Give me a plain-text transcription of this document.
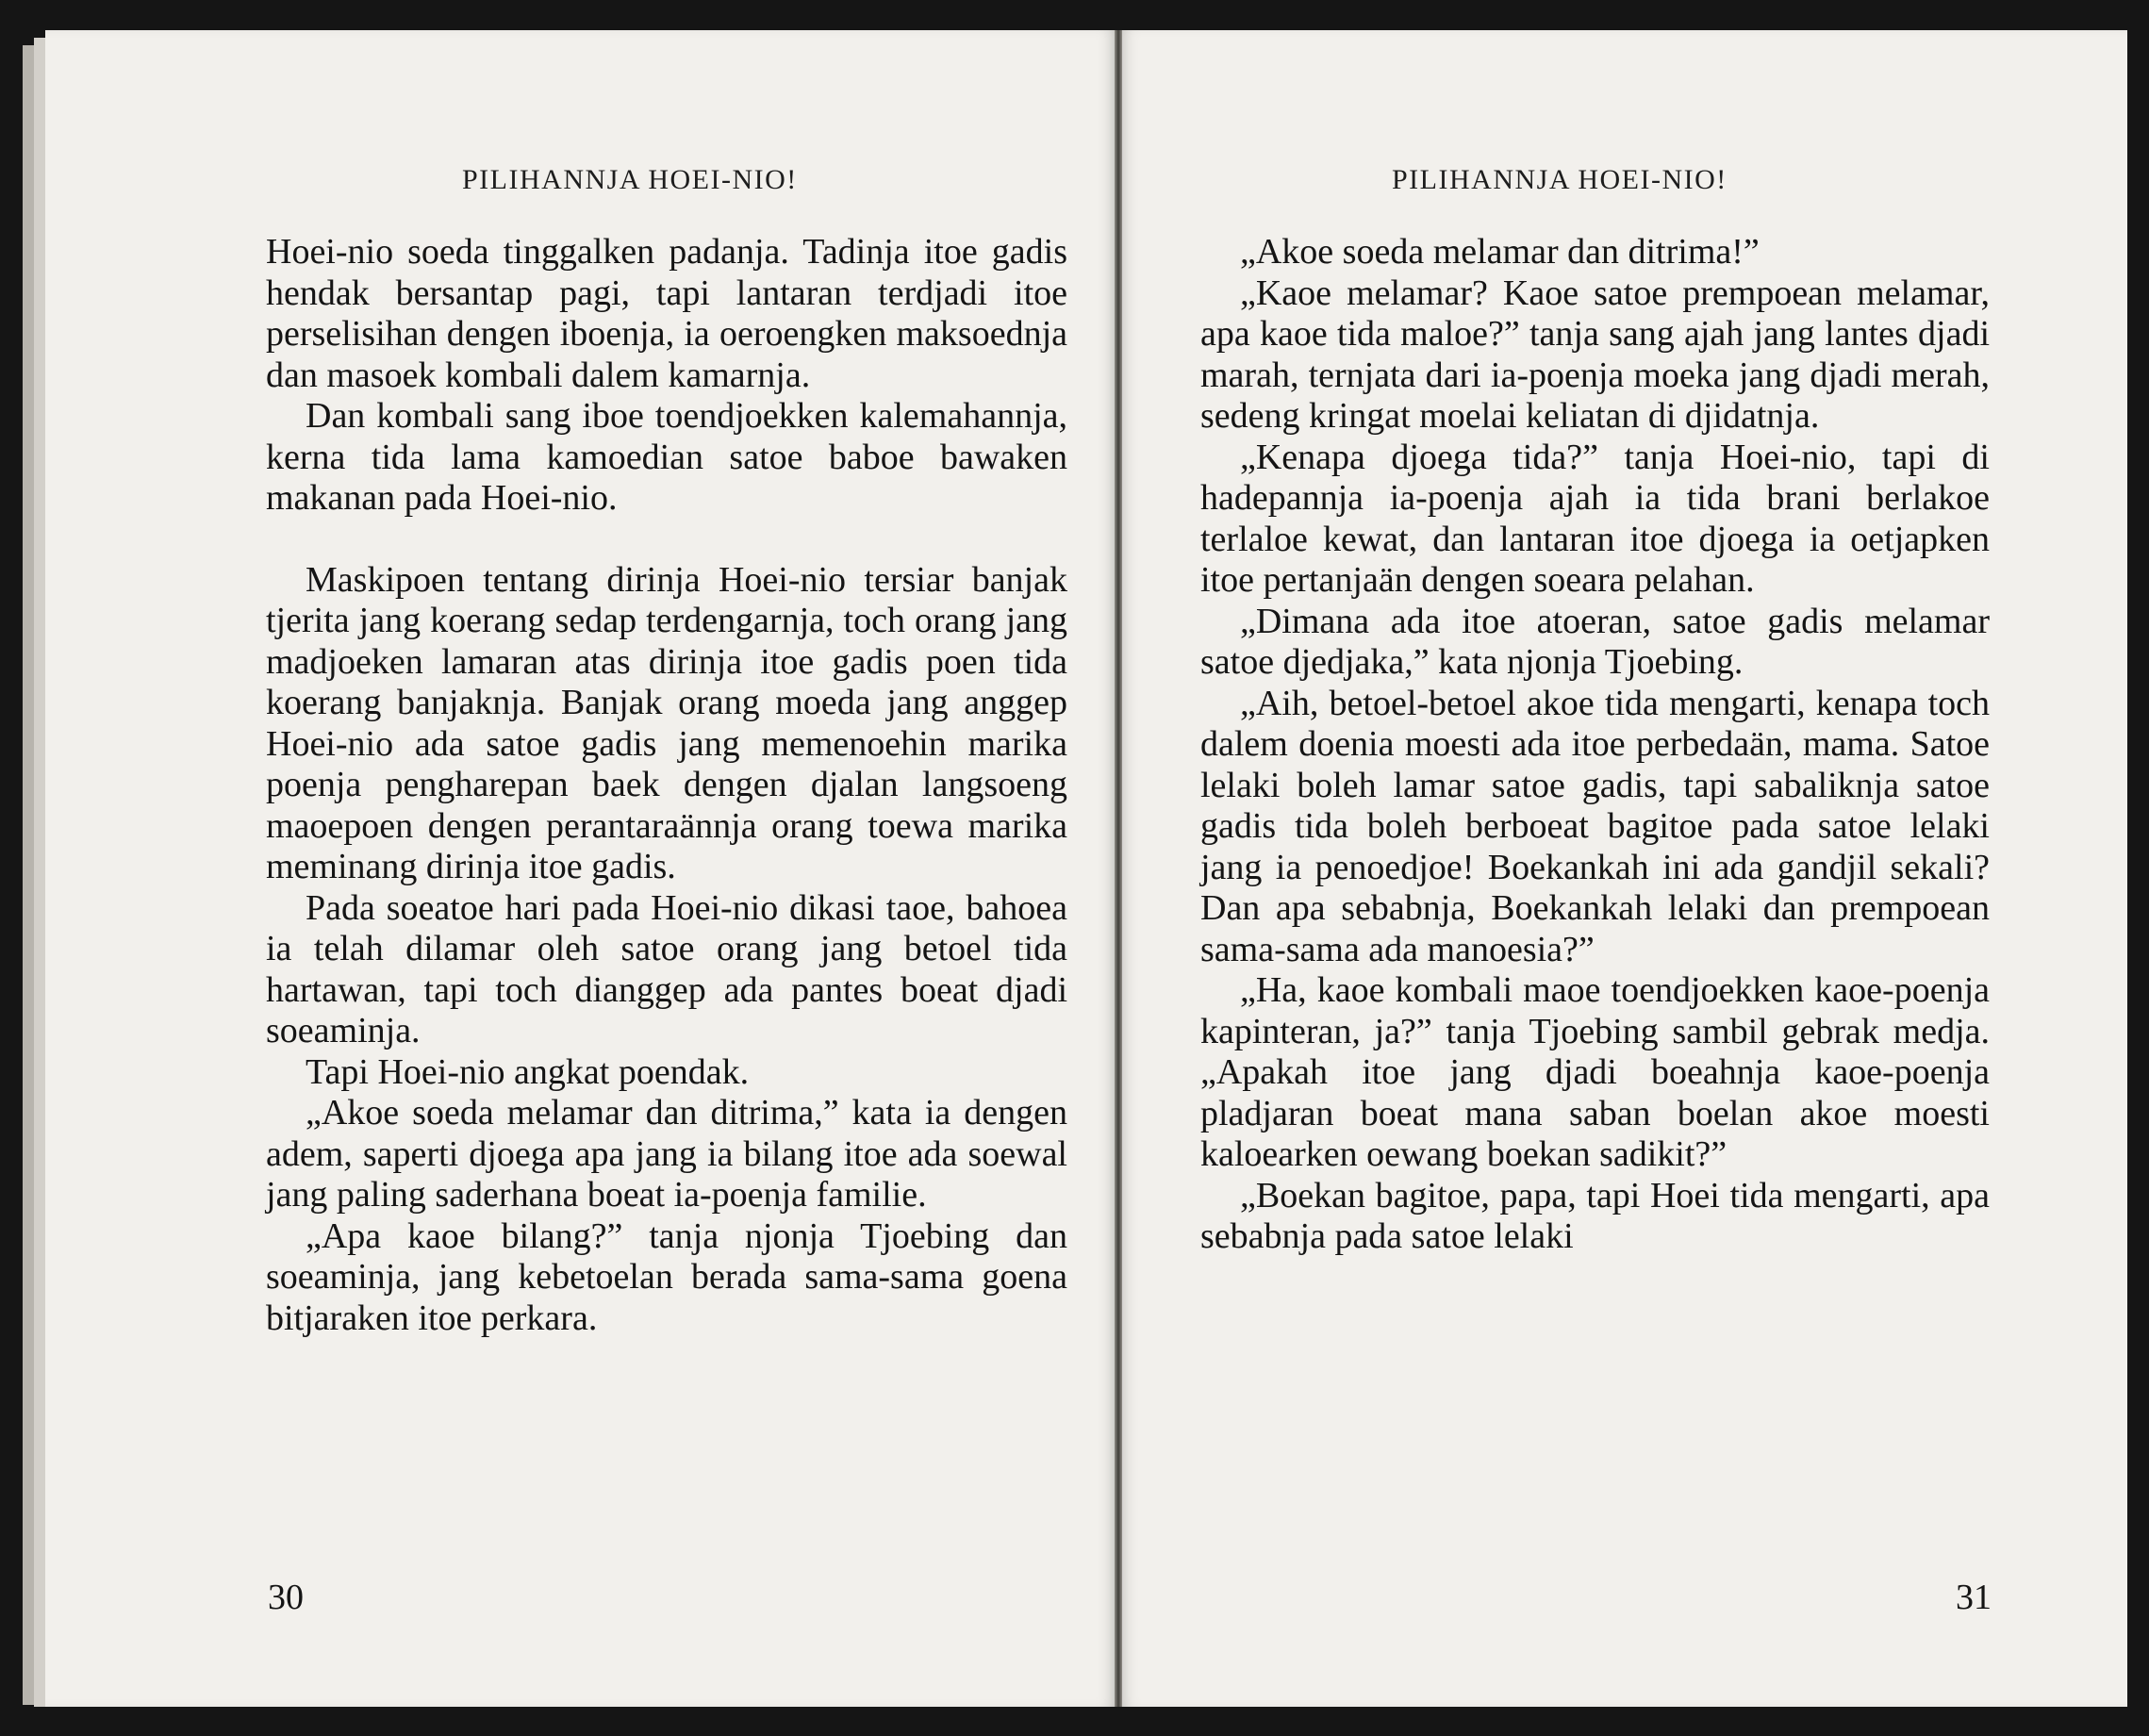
PILIHANNJA HOEI-NIO!

Hoei-nio soeda tinggalken padanja. Tadinja itoe gadis hendak bersantap pagi, tapi lantaran terdjadi itoe perselisihan dengen iboenja, ia oeroengken maksoednja dan masoek kombali dalem kamarnja.

Dan kombali sang iboe toendjoekken kalemahannja, kerna tida lama kamoedian satoe baboe bawaken makanan pada Hoei-nio.

Maskipoen tentang dirinja Hoei-nio tersiar banjak tjerita jang koerang sedap terdengarnja, toch orang jang madjoeken lamaran atas dirinja itoe gadis poen tida koerang banjaknja. Banjak orang moeda jang anggep Hoei-nio ada satoe gadis jang memenoehin marika poenja pengharepan baek dengen djalan langsoeng maoepoen dengen perantaraännja orang toewa marika meminang dirinja itoe gadis.

Pada soeatoe hari pada Hoei-nio dikasi taoe, bahoea ia telah dilamar oleh satoe orang jang betoel tida hartawan, tapi toch dianggep ada pantes boeat djadi soeaminja.

Tapi Hoei-nio angkat poendak.

„Akoe soeda melamar dan ditrima,” kata ia dengen adem, saperti djoega apa jang ia bilang itoe ada soewal jang paling saderhana boeat ia-poenja familie.

„Apa kaoe bilang?” tanja njonja Tjoebing dan soeaminja, jang kebetoelan berada sama-sama goena bitjaraken itoe perkara.

30
PILIHANNJA HOEI-NIO!

„Akoe soeda melamar dan ditrima!”

„Kaoe melamar? Kaoe satoe prempoean melamar, apa kaoe tida maloe?” tanja sang ajah jang lantes djadi marah, ternjata dari ia-poenja moeka jang djadi merah, sedeng kringat moelai keliatan di djidatnja.

„Kenapa djoega tida?” tanja Hoei-nio, tapi di hadepannja ia-poenja ajah ia tida brani berlakoe terlaloe kewat, dan lantaran itoe djoega ia oetjapken itoe pertanjaän dengen soeara pelahan.

„Dimana ada itoe atoeran, satoe gadis melamar satoe djedjaka,” kata njonja Tjoebing.

„Aih, betoel-betoel akoe tida mengarti, kenapa toch dalem doenia moesti ada itoe perbedaän, mama. Satoe lelaki boleh lamar satoe gadis, tapi sabaliknja satoe gadis tida boleh berboeat bagitoe pada satoe lelaki jang ia penoedjoe! Boekankah ini ada gandjil sekali? Dan apa sebabnja, Boekankah lelaki dan prempoean sama-sama ada manoesia?”

„Ha, kaoe kombali maoe toendjoekken kaoe-poenja kapinteran, ja?” tanja Tjoebing sambil gebrak medja. „Apakah itoe jang djadi boeahnja kaoe-poenja pladjaran boeat mana saban boelan akoe moesti kaloearken oewang boekan sadikit?”

„Boekan bagitoe, papa, tapi Hoei tida mengarti, apa sebabnja pada satoe lelaki

31
